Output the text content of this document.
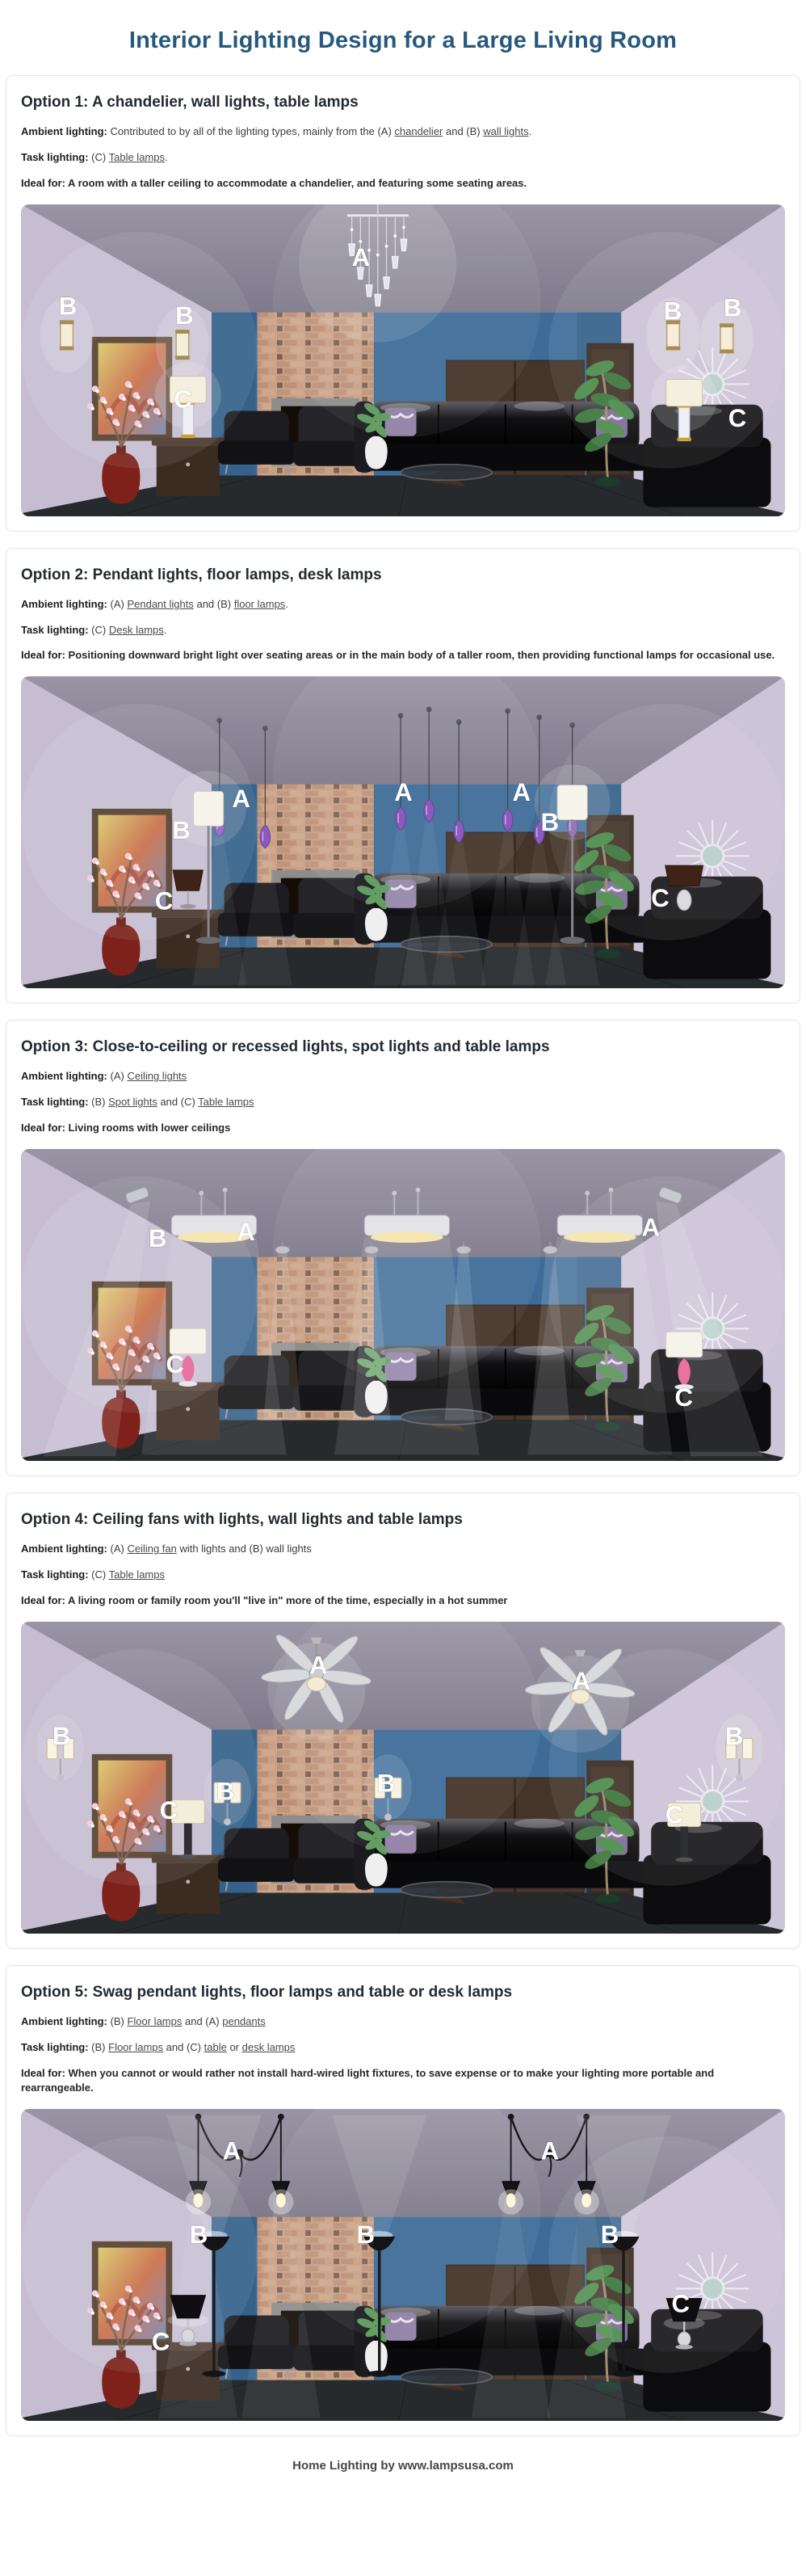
Interior Lighting Design for a Large Living Room
Option 1: A chandelier, wall lights, table lamps

Ambient lighting: Contributed to by all of the lighting types, mainly from the (A) chandelier and (B) wall lights.

Task lighting: (C) Table lamps.

Ideal for: A room with a taller ceiling to accommodate a chandelier, and featuring some seating areas.

A
B	B
C
B B
C
Option 2: Pendant lights, floor lamps, desk lamps

Ambient lighting: (A) Pendant lights and (B) floor lamps.

Task lighting: (C) Desk lamps.

Ideal for: Positioning downward bright light over seating areas or in the main body of a taller room, then providing functional lamps for occasional use.

A	A	A
B	B
C	C
Option 3: Close-to-ceiling or recessed lights, spot lights and table lamps

Ambient lighting: (A) Ceiling lights

Task lighting: (B) Spot lights and (C) Table lamps

Ideal for: Living rooms with lower ceilings

B	A	A
C
C
Option 4: Ceiling fans with lights, wall lights and table lamps

Ambient lighting: (A) Ceiling fan with lights and (B) wall lights

Task lighting: (C) Table lamps

Ideal for: A living room or family room you'll "live in" more of the time, especially in a hot summer

A
A
B
B	B
B
C	C
Option 5: Swag pendant lights, floor lamps and table or desk lamps

Ambient lighting: (B) Floor lamps and (A) pendants

Task lighting: (B) Floor lamps and (C) table or desk lamps

Ideal for: When you cannot or would rather not install hard-wired light fixtures, to save expense or to make your lighting more portable and rearrangeable.

A	A
B	B	B
C
C
Home Lighting by www.lampsusa.com
